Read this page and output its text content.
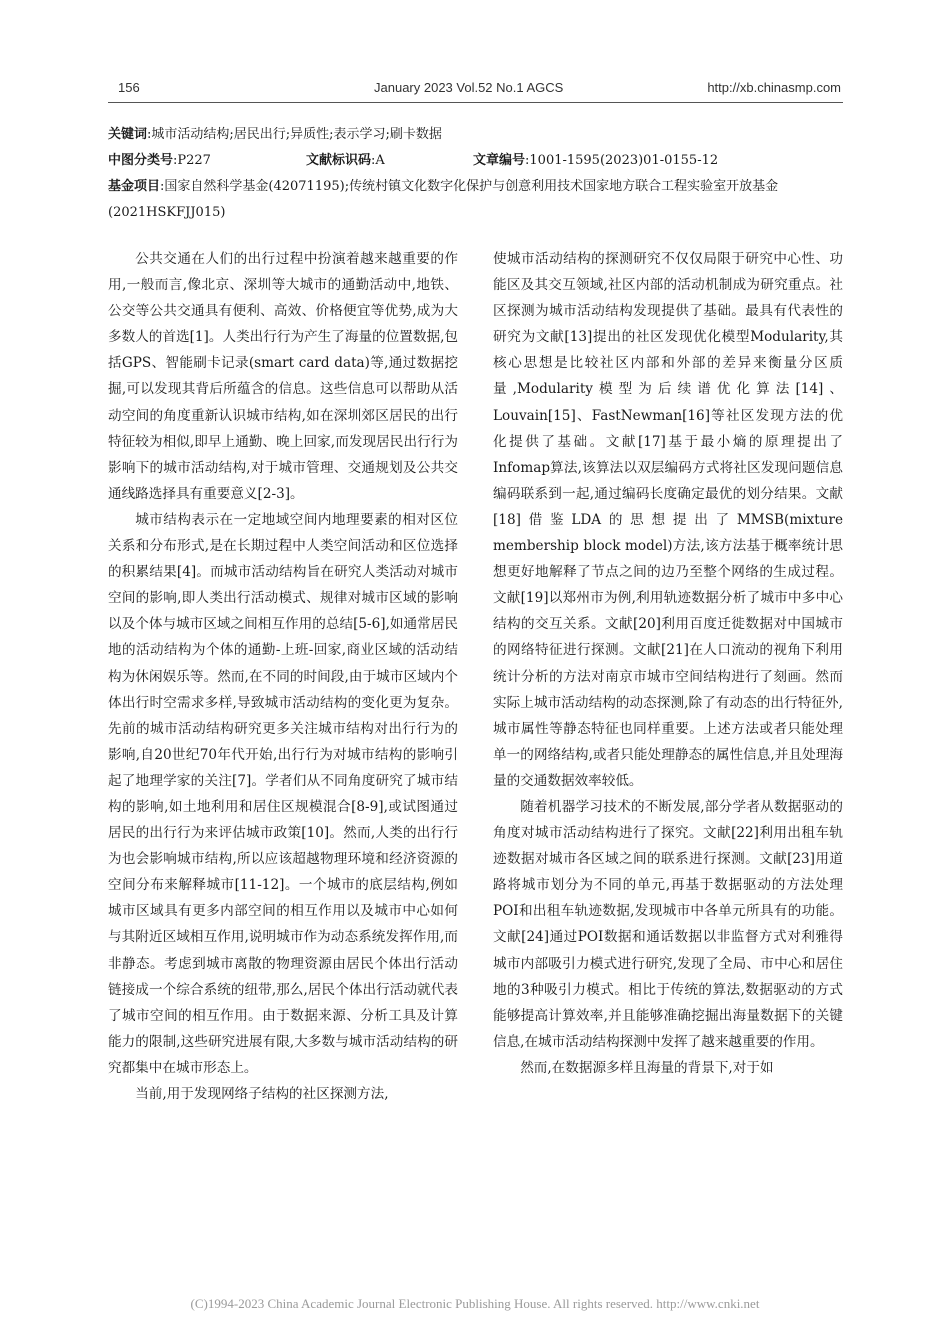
156	January 2023 Vol.52 No.1 AGCS	http://xb.chinasmp.com
关键词:城市活动结构;居民出行;异质性;表示学习;刷卡数据
中图分类号:P227	文献标识码:A	文章编号:1001-1595(2023)01-0155-12
基金项目:国家自然科学基金(42071195);传统村镇文化数字化保护与创意利用技术国家地方联合工程实验室开放基金(2021HSKFJJ015)

公共交通在人们的出行过程中扮演着越来越重要的作用,一般而言,像北京、深圳等大城市的通勤活动中,地铁、公交等公共交通具有便利、高效、价格便宜等优势,成为大多数人的首选[1]。人类出行行为产生了海量的位置数据,包括GPS、智能刷卡记录(smart card data)等,通过数据挖掘,可以发现其背后所蕴含的信息。这些信息可以帮助从活动空间的角度重新认识城市结构,如在深圳郊区居民的出行特征较为相似,即早上通勤、晚上回家,而发现居民出行行为影响下的城市活动结构,对于城市管理、交通规划及公共交通线路选择具有重要意义[2-3]。

城市结构表示在一定地域空间内地理要素的相对区位关系和分布形式,是在长期过程中人类空间活动和区位选择的积累结果[4]。而城市活动结构旨在研究人类活动对城市空间的影响,即人类出行活动模式、规律对城市区域的影响以及个体与城市区域之间相互作用的总结[5-6],如通常居民地的活动结构为个体的通勤-上班-回家,商业区域的活动结构为休闲娱乐等。然而,在不同的时间段,由于城市区域内个体出行时空需求多样,导致城市活动结构的变化更为复杂。先前的城市活动结构研究更多关注城市结构对出行行为的影响,自20世纪70年代开始,出行行为对城市结构的影响引起了地理学家的关注[7]。学者们从不同角度研究了城市结构的影响,如土地利用和居住区规模混合[8-9],或试图通过居民的出行行为来评估城市政策[10]。然而,人类的出行行为也会影响城市结构,所以应该超越物理环境和经济资源的空间分布来解释城市[11-12]。一个城市的底层结构,例如城市区域具有更多内部空间的相互作用以及城市中心如何与其附近区域相互作用,说明城市作为动态系统发挥作用,而非静态。考虑到城市离散的物理资源由居民个体出行活动链接成一个综合系统的纽带,那么,居民个体出行活动就代表了城市空间的相互作用。由于数据来源、分析工具及计算能力的限制,这些研究进展有限,大多数与城市活动结构的研究都集中在城市形态上。

当前,用于发现网络子结构的社区探测方法,

使城市活动结构的探测研究不仅仅局限于研究中心性、功能区及其交互领域,社区内部的活动机制成为研究重点。社区探测为城市活动结构发现提供了基础。最具有代表性的研究为文献[13]提出的社区发现优化模型Modularity,其核心思想是比较社区内部和外部的差异来衡量分区质量,Modularity模型为后续谱优化算法[14]、Louvain[15]、FastNewman[16]等社区发现方法的优化提供了基础。文献[17]基于最小熵的原理提出了Infomap算法,该算法以双层编码方式将社区发现问题信息编码联系到一起,通过编码长度确定最优的划分结果。文献[18]借鉴LDA的思想提出了MMSB(mixture membership block model)方法,该方法基于概率统计思想更好地解释了节点之间的边乃至整个网络的生成过程。文献[19]以郑州市为例,利用轨迹数据分析了城市中多中心结构的交互关系。文献[20]利用百度迁徙数据对中国城市的网络特征进行探测。文献[21]在人口流动的视角下利用统计分析的方法对南京市城市空间结构进行了刻画。然而实际上城市活动结构的动态探测,除了有动态的出行特征外,城市属性等静态特征也同样重要。上述方法或者只能处理单一的网络结构,或者只能处理静态的属性信息,并且处理海量的交通数据效率较低。

随着机器学习技术的不断发展,部分学者从数据驱动的角度对城市活动结构进行了探究。文献[22]利用出租车轨迹数据对城市各区域之间的联系进行探测。文献[23]用道路将城市划分为不同的单元,再基于数据驱动的方法处理POI和出租车轨迹数据,发现城市中各单元所具有的功能。文献[24]通过POI数据和通话数据以非监督方式对利雅得城市内部吸引力模式进行研究,发现了全局、市中心和居住地的3种吸引力模式。相比于传统的算法,数据驱动的方式能够提高计算效率,并且能够准确挖掘出海量数据下的关键信息,在城市活动结构探测中发挥了越来越重要的作用。

然而,在数据源多样且海量的背景下,对于如

(C)1994-2023 China Academic Journal Electronic Publishing House. All rights reserved. http://www.cnki.net
